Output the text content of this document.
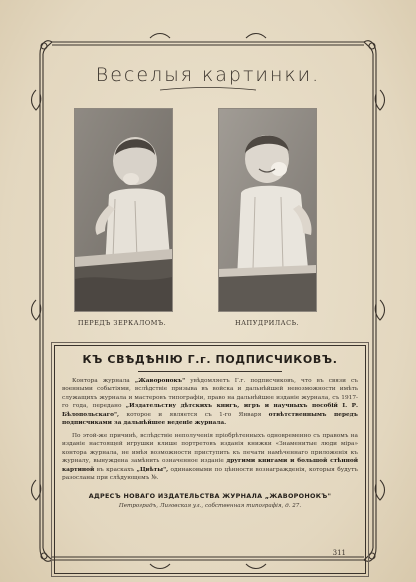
Веселыя картинки.
ПЕРЕДЪ ЗЕРКАЛОМЪ.	НАПУДРИЛАСЬ.
КЪ СВѢДѢНІЮ Г.г. ПОДПИСЧИКОВЪ.
Контора журнала „Жаворонокъ" увѣдомляетъ Г.г. подписчиковъ, что въ связи съ военными событіями, вслѣдствіе призыва въ войска и дальнѣйшей невозможности имѣть служащихъ журнала и мастеровъ типографіи, право на дальнѣйшее изданіе журнала, съ 1917-го года, передано „Издательству дѣтскихъ книгъ, игръ и научныхъ пособій І. Р. Бѣлопольскаго", которое и является съ 1-го Января отвѣтственнымъ передъ подписчиками за дальнѣйшее веденіе журнала.
По этой-же причинѣ, вслѣдствіе неполученія пріобрѣтенныхъ одновременно съ правомъ на изданіе настоящей игрушки клише портретовъ изданія книжки «Знаменитые люди міра» контора журнала, не имѣя возможности приступить къ печати намѣченнаго приложенія къ журналу, вынуждена замѣнить означенное изданіе другими книгами и большой стѣнной картиной въ краскахъ „Цвѣты", одинаковыми по цѣнности вознагражденія, которыя будутъ разосланы при слѣдующемъ №.
АДРЕСЪ НОВАГО ИЗДАТЕЛЬСТВА ЖУРНАЛА „ЖАВОРОНОКЪ"
Петроградъ, Лиговская ул., собственная типографія, д. 27.
311
